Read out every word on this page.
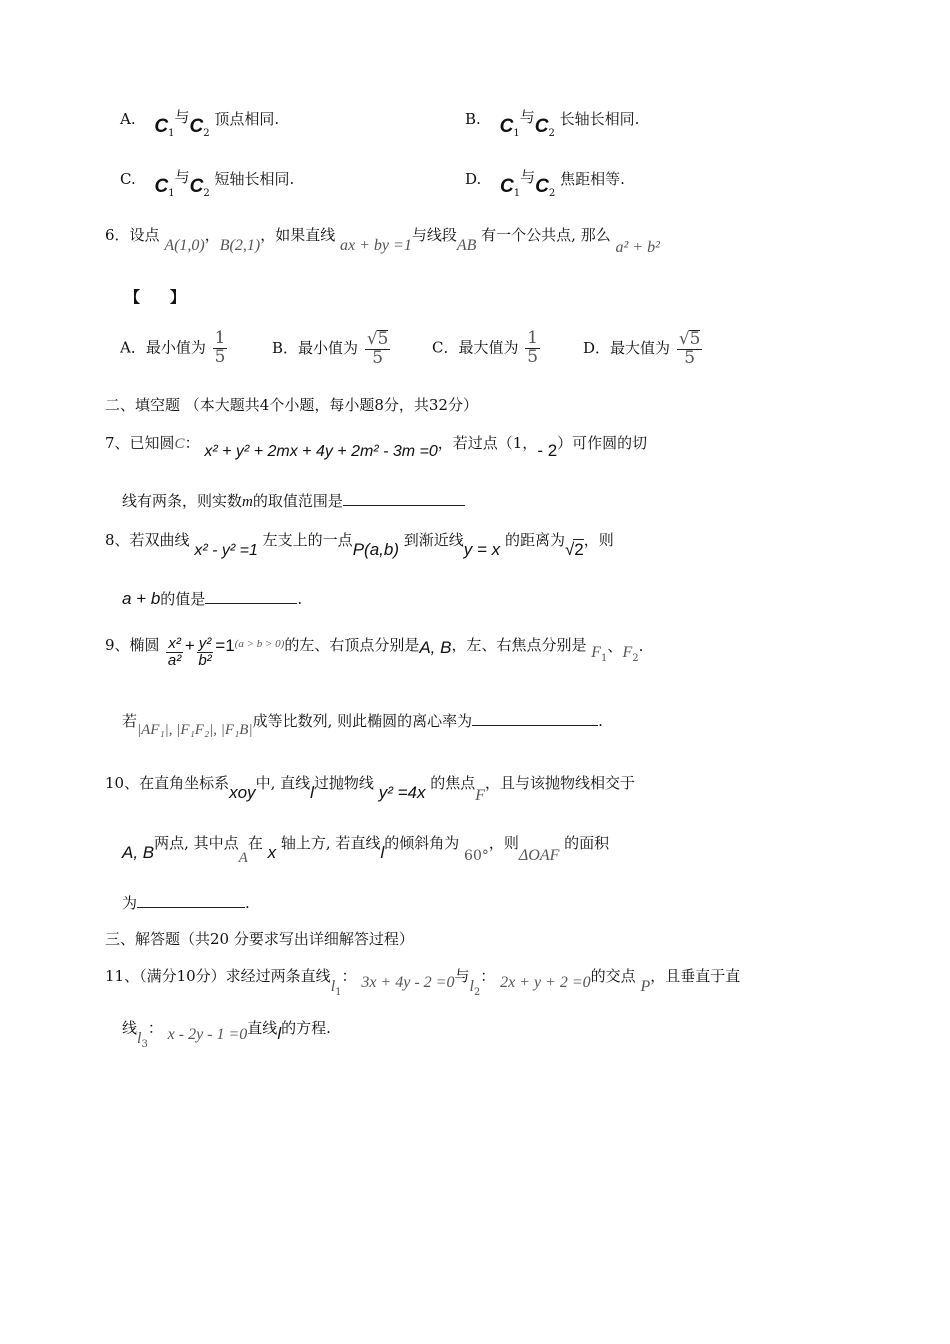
A. $C_1$与$C_2$ 顶点相同.	B. $C_1$与$C_2$ 长轴长相同.
C. $C_1$与$C_2$ 短轴长相同.	D. $C_1$与$C_2$ 焦距相等.
6．设点 A(1,0)，B(2,1)，如果直线 ax + by =1与线段AB 有一个公共点, 那么 a² + b²
【 】
A．最小值为 $\frac{1}{5}$	B．最小值为 $\frac{√5}{5}$	C．最大值为 $\frac{1}{5}$	D．最大值为 $\frac{√5}{5}$
二、填空题 （本大题共4个小题，每小题8分，共32分）
7、已知圆C： x² + y² + 2mx + 4y + 2m² - 3m =0，若过点（1，- 2）可作圆的切
线有两条，则实数m的取值范围是
8、若双曲线 x² - y² =1 左支上的一点P(a,b) 到渐近线y = x 的距离为√2，则
a + b的值是	.
9、椭圆 $\frac{\text{x²}}{\text{a²}} + \frac{\text{y²}}{\text{b²}} =1^{(a > b > 0)}$的左、右顶点分别是A, B，左、右焦点分别是 $F_1$、$F_2$.
若|AF₁|, |F₁F₂|, |F₁B|成等比数列, 则此椭圆的离心率为	.
10、在直角坐标系xoy中, 直线l过抛物线 y² =4x 的焦点F，且与该抛物线相交于
A, B两点, 其中点A在 x 轴上方, 若直线l的倾斜角为 60°，则ΔOAF 的面积
为	.
三、解答题（共20 分要求写出详细解答过程）
11、（满分10分）求经过两条直线$l_1$： 3x + 4y - 2 =0与$l_2$： 2x + y + 2 =0的交点 P，且垂直于直
线$l_3$： x - 2y - 1 =0直线l的方程.
